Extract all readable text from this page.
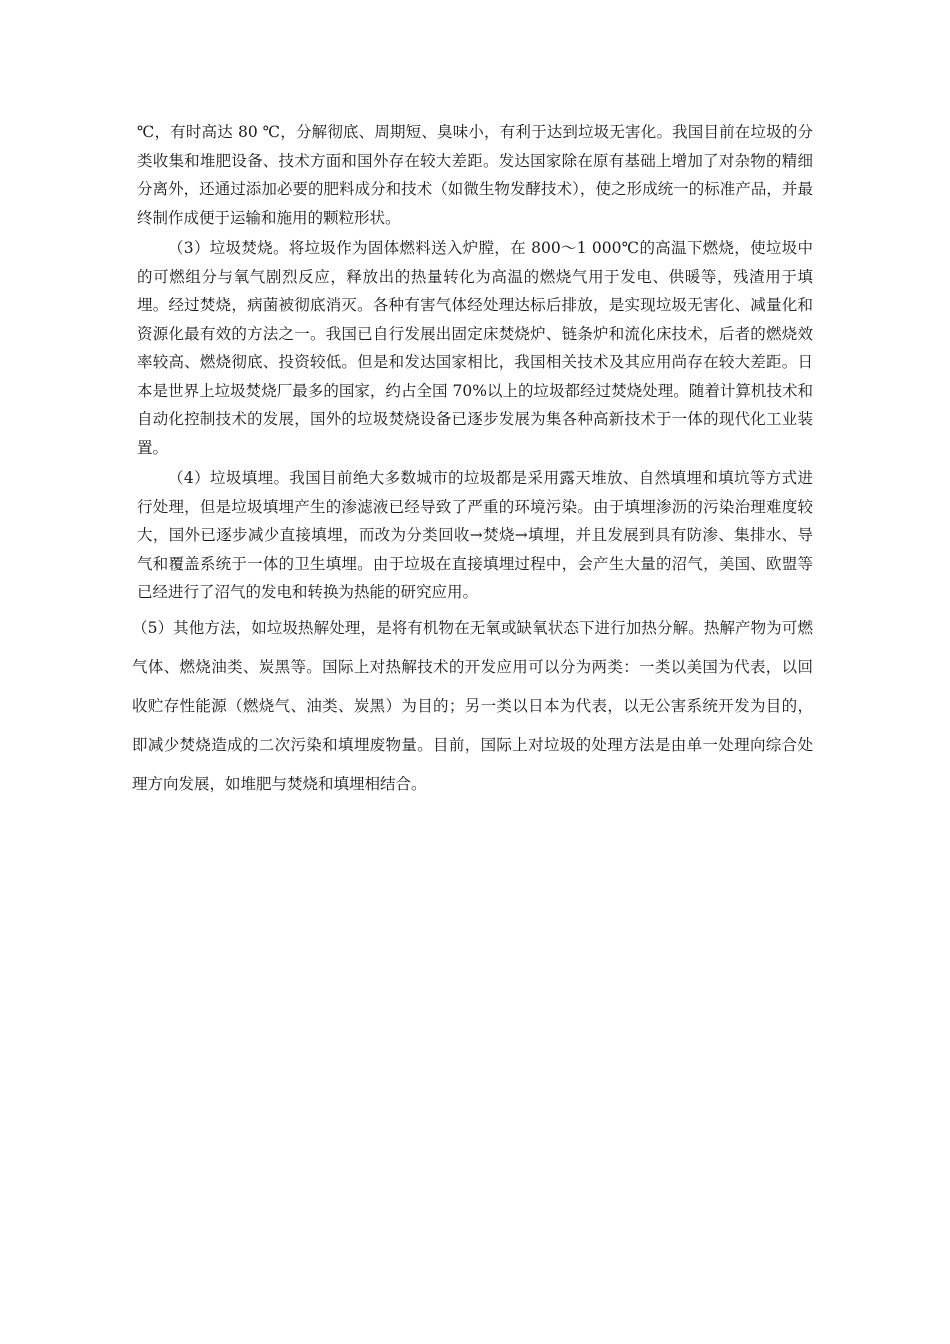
℃，有时高达 80 ℃，分解彻底、周期短、臭味小，有利于达到垃圾无害化。我国目前在垃圾的分类收集和堆肥设备、技术方面和国外存在较大差距。发达国家除在原有基础上增加了对杂物的精细分离外，还通过添加必要的肥料成分和技术（如微生物发酵技术），使之形成统一的标准产品，并最终制作成便于运输和施用的颗粒形状。

（3）垃圾焚烧。将垃圾作为固体燃料送入炉膛，在 800～1 000℃的高温下燃烧，使垃圾中的可燃组分与氧气剧烈反应，释放出的热量转化为高温的燃烧气用于发电、供暖等，残渣用于填埋。经过焚烧，病菌被彻底消灭。各种有害气体经处理达标后排放，是实现垃圾无害化、减量化和资源化最有效的方法之一。我国已自行发展出固定床焚烧炉、链条炉和流化床技术，后者的燃烧效率较高、燃烧彻底、投资较低。但是和发达国家相比，我国相关技术及其应用尚存在较大差距。日本是世界上垃圾焚烧厂最多的国家，约占全国 70%以上的垃圾都经过焚烧处理。随着计算机技术和自动化控制技术的发展，国外的垃圾焚烧设备已逐步发展为集各种高新技术于一体的现代化工业装置。

（4）垃圾填埋。我国目前绝大多数城市的垃圾都是采用露天堆放、自然填埋和填坑等方式进行处理，但是垃圾填埋产生的渗滤液已经导致了严重的环境污染。由于填埋渗沥的污染治理难度较大，国外已逐步减少直接填埋，而改为分类回收→焚烧→填埋，并且发展到具有防渗、集排水、导气和覆盖系统于一体的卫生填埋。由于垃圾在直接填埋过程中，会产生大量的沼气，美国、欧盟等已经进行了沼气的发电和转换为热能的研究应用。

（5）其他方法，如垃圾热解处理，是将有机物在无氧或缺氧状态下进行加热分解。热解产物为可燃气体、燃烧油类、炭黑等。国际上对热解技术的开发应用可以分为两类：一类以美国为代表，以回收贮存性能源（燃烧气、油类、炭黑）为目的；另一类以日本为代表，以无公害系统开发为目的，即减少焚烧造成的二次污染和填埋废物量。目前，国际上对垃圾的处理方法是由单一处理向综合处理方向发展，如堆肥与焚烧和填埋相结合。
